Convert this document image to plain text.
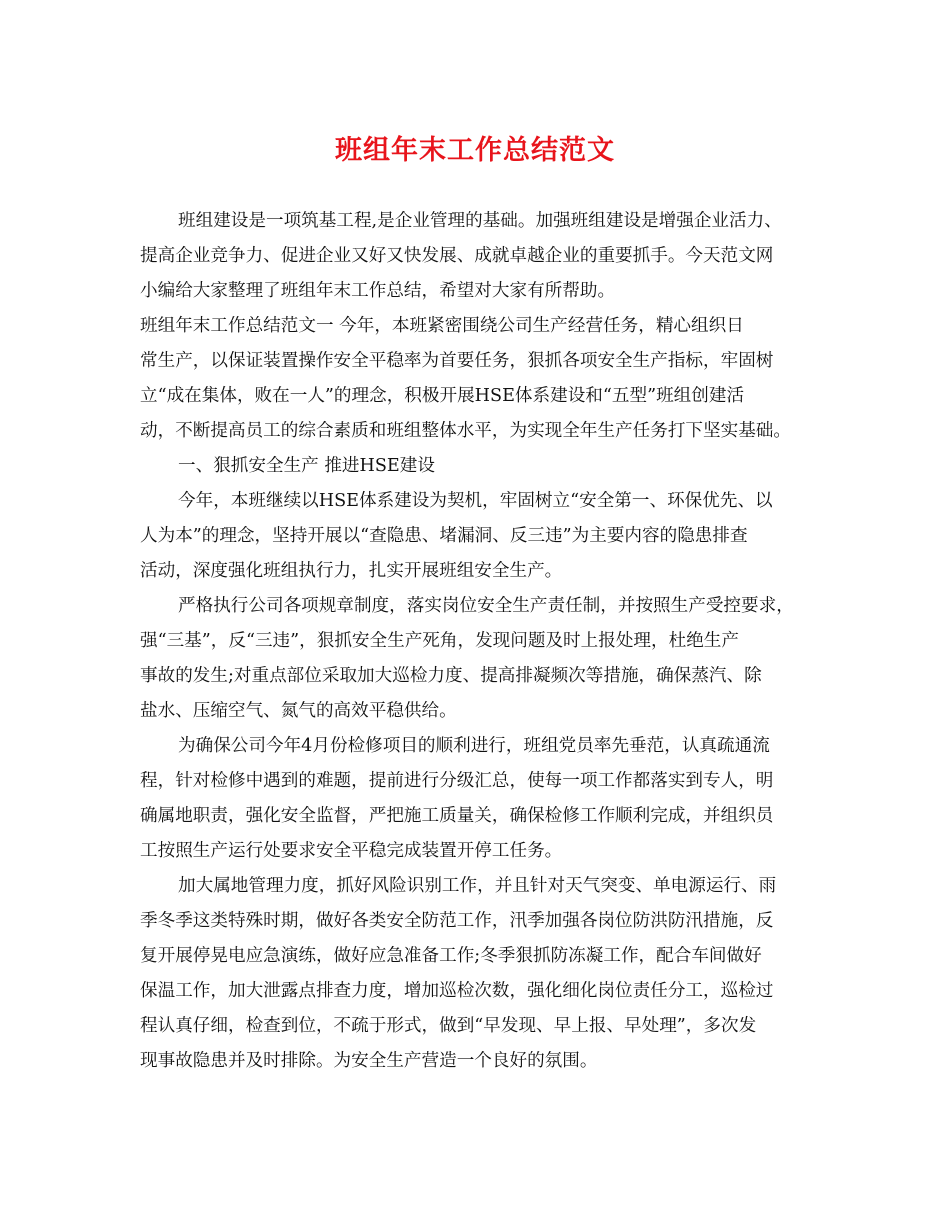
班组年末工作总结范文
班组建设是一项筑基工程,是企业管理的基础。加强班组建设是增强企业活力、
提高企业竞争力、促进企业又好又快发展、成就卓越企业的重要抓手。今天范文网
小编给大家整理了班组年末工作总结，希望对大家有所帮助。
班组年末工作总结范文一 今年，本班紧密围绕公司生产经营任务，精心组织日
常生产，以保证装置操作安全平稳率为首要任务，狠抓各项安全生产指标，牢固树
立“成在集体，败在一人”的理念，积极开展HSE体系建设和“五型”班组创建活
动，不断提高员工的综合素质和班组整体水平，为实现全年生产任务打下坚实基础。
一、狠抓安全生产 推进HSE建设
今年，本班继续以HSE体系建设为契机，牢固树立“安全第一、环保优先、以
人为本”的理念，坚持开展以“查隐患、堵漏洞、反三违”为主要内容的隐患排查
活动，深度强化班组执行力，扎实开展班组安全生产。
严格执行公司各项规章制度，落实岗位安全生产责任制，并按照生产受控要求，
强“三基”，反“三违”，狠抓安全生产死角，发现问题及时上报处理，杜绝生产
事故的发生;对重点部位采取加大巡检力度、提高排凝频次等措施，确保蒸汽、除
盐水、压缩空气、氮气的高效平稳供给。
为确保公司今年4月份检修项目的顺利进行，班组党员率先垂范，认真疏通流
程，针对检修中遇到的难题，提前进行分级汇总，使每一项工作都落实到专人，明
确属地职责，强化安全监督，严把施工质量关，确保检修工作顺利完成，并组织员
工按照生产运行处要求安全平稳完成装置开停工任务。
加大属地管理力度，抓好风险识别工作，并且针对天气突变、单电源运行、雨
季冬季这类特殊时期，做好各类安全防范工作，汛季加强各岗位防洪防汛措施，反
复开展停晃电应急演练，做好应急准备工作;冬季狠抓防冻凝工作，配合车间做好
保温工作，加大泄露点排查力度，增加巡检次数，强化细化岗位责任分工，巡检过
程认真仔细，检查到位，不疏于形式，做到“早发现、早上报、早处理”，多次发
现事故隐患并及时排除。为安全生产营造一个良好的氛围。
